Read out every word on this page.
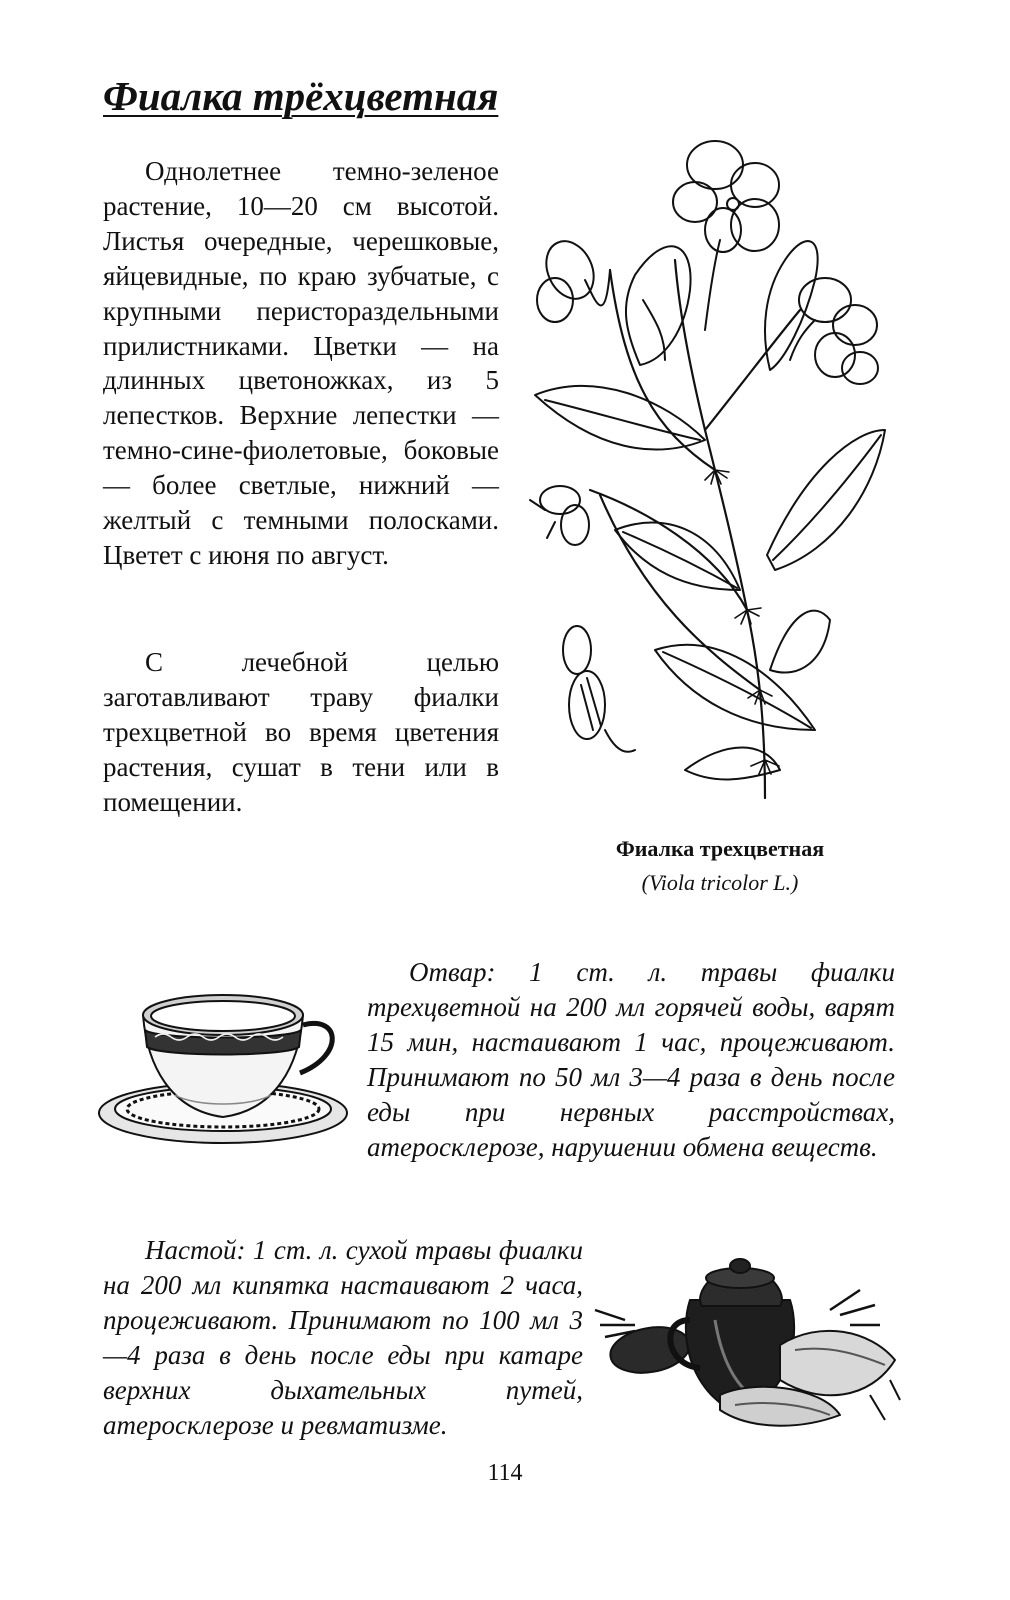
Фиалка трёхцветная

Однолетнее темно-зеленое растение, 10—20 см высотой. Листья очередные, черешковые, яйцевидные, по краю зубчатые, с крупными перистораздельными прилистниками. Цветки — на длинных цветоножках, из 5 лепестков. Верхние лепестки — темно-сине-фиолетовые, боковые — более светлые, нижний — желтый с темными полосками. Цветет с июня по август.

С лечебной целью заготавливают траву фиалки трехцветной во время цветения растения, сушат в тени или в помещении.

Фиалка трехцветная
(Viola tricolor L.)

Отвар: 1 ст. л. травы фиалки трехцветной на 200 мл горячей воды, варят 15 мин, настаивают 1 час, процеживают. Принимают по 50 мл 3—4 раза в день после еды при нервных расстройствах, атеросклерозе, нарушении обмена веществ.

Настой: 1 ст. л. сухой травы фиалки на 200 мл кипятка настаивают 2 часа, процеживают. Принимают по 100 мл 3—4 раза в день после еды при катаре верхних дыхательных путей, атеросклерозе и ревматизме.

114
